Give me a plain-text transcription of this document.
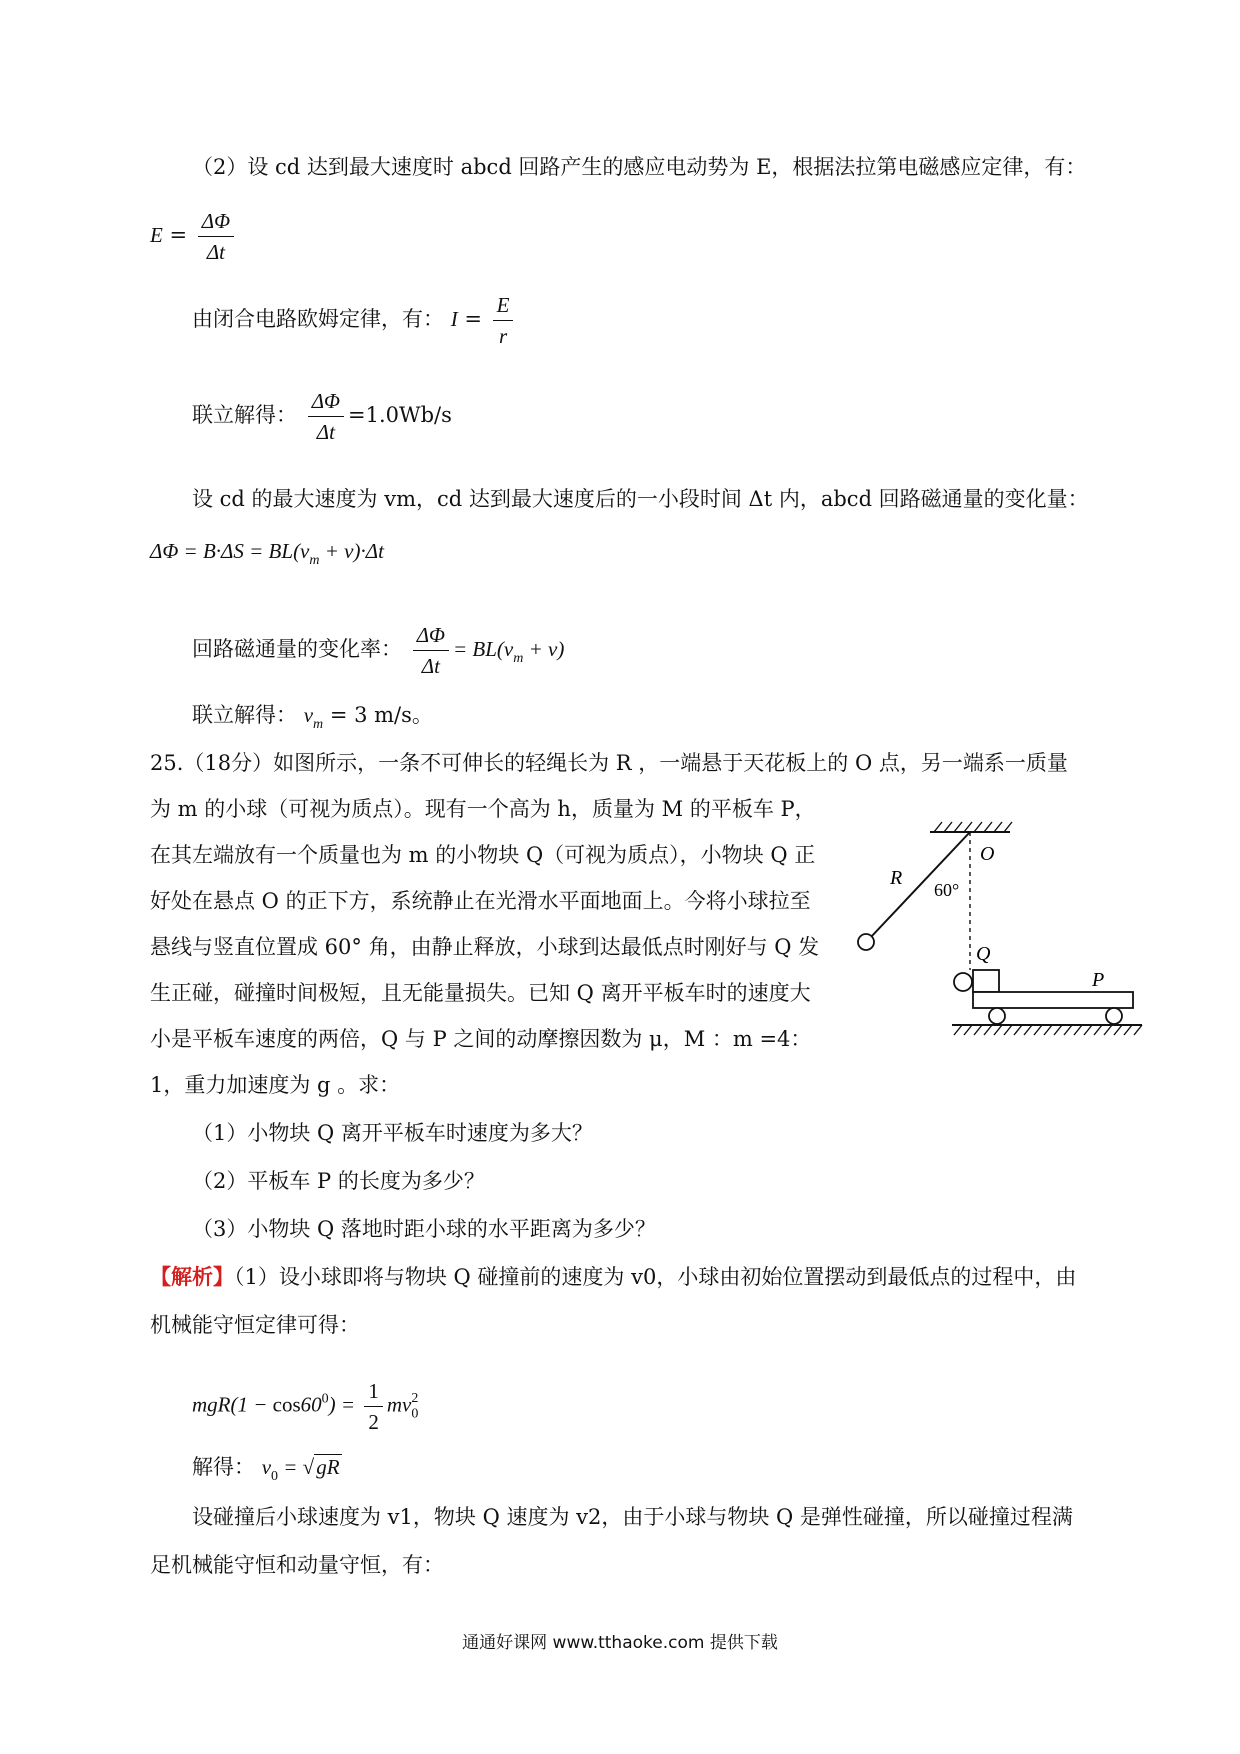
（2）设 cd 达到最大速度时 abcd 回路产生的感应电动势为 E，根据法拉第电磁感应定律，有：
$E = \frac{\Delta\Phi}{\Delta t}$
由闭合电路欧姆定律，有： $I = \frac{E}{r}$
联立解得： $\frac{\Delta\Phi}{\Delta t} =1.0Wb/s$
设 cd 的最大速度为 vm，cd 达到最大速度后的一小段时间 Δt 内，abcd 回路磁通量的变化量：
$\Delta\Phi = B\cdot\Delta S = BL(v_m + v)\cdot\Delta t$
回路磁通量的变化率： $\frac{\Delta\Phi}{\Delta t} = BL(v_m + v)$
联立解得： $v_m = 3$ m/s。
25.（18分）如图所示，一条不可伸长的轻绳长为 R ，一端悬于天花板上的 O 点，另一端系一质量
为 m 的小球（可视为质点）。现有一个高为 h，质量为 M 的平板车 P，
在其左端放有一个质量也为 m 的小物块 Q（可视为质点），小物块 Q 正
好处在悬点 O 的正下方，系统静止在光滑水平面地面上。今将小球拉至
悬线与竖直位置成 60° 角，由静止释放，小球到达最低点时刚好与 Q 发
生正碰，碰撞时间极短，且无能量损失。已知 Q 离开平板车时的速度大
小是平板车速度的两倍，Q 与 P 之间的动摩擦因数为 μ，M ：m =4：
1，重力加速度为 g 。求：
（1）小物块 Q 离开平板车时速度为多大？
（2）平板车 P 的长度为多少？
（3）小物块 Q 落地时距小球的水平距离为多少？
O
R
60°
Q
P
【解析】（1）设小球即将与物块 Q 碰撞前的速度为 v0，小球由初始位置摆动到最低点的过程中，由
机械能守恒定律可得：
$mgR(1 - \cos 60^0) = \frac{1}{2} mv_0^2$
解得： $v_0 = √gR$
设碰撞后小球速度为 v1，物块 Q 速度为 v2，由于小球与物块 Q 是弹性碰撞，所以碰撞过程满
足机械能守恒和动量守恒，有：
通通好课网 www.tthaoke.com 提供下载
